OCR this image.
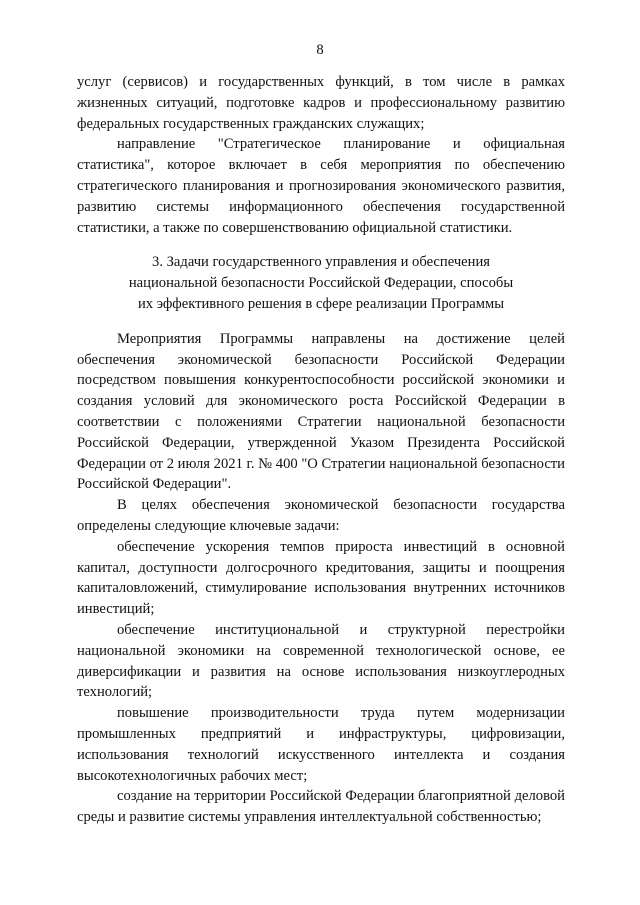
8

услуг (сервисов) и государственных функций, в том числе в рамках жизненных ситуаций, подготовке кадров и профессиональному развитию федеральных государственных гражданских служащих;

направление "Стратегическое планирование и официальная статистика", которое включает в себя мероприятия по обеспечению стратегического планирования и прогнозирования экономического развития, развитию системы информационного обеспечения государственной статистики, а также по совершенствованию официальной статистики.

3. Задачи государственного управления и обеспечения
национальной безопасности Российской Федерации, способы
их эффективного решения в сфере реализации Программы

Мероприятия Программы направлены на достижение целей обеспечения экономической безопасности Российской Федерации посредством повышения конкурентоспособности российской экономики и создания условий для экономического роста Российской Федерации в соответствии с положениями Стратегии национальной безопасности Российской Федерации, утвержденной Указом Президента Российской Федерации от 2 июля 2021 г. № 400 "О Стратегии национальной безопасности Российской Федерации".

В целях обеспечения экономической безопасности государства определены следующие ключевые задачи:

обеспечение ускорения темпов прироста инвестиций в основной капитал, доступности долгосрочного кредитования, защиты и поощрения капиталовложений, стимулирование использования внутренних источников инвестиций;

обеспечение институциональной и структурной перестройки национальной экономики на современной технологической основе, ее диверсификации и развития на основе использования низкоуглеродных технологий;

повышение производительности труда путем модернизации промышленных предприятий и инфраструктуры, цифровизации, использования технологий искусственного интеллекта и создания высокотехнологичных рабочих мест;

создание на территории Российской Федерации благоприятной деловой среды и развитие системы управления интеллектуальной собственностью;
